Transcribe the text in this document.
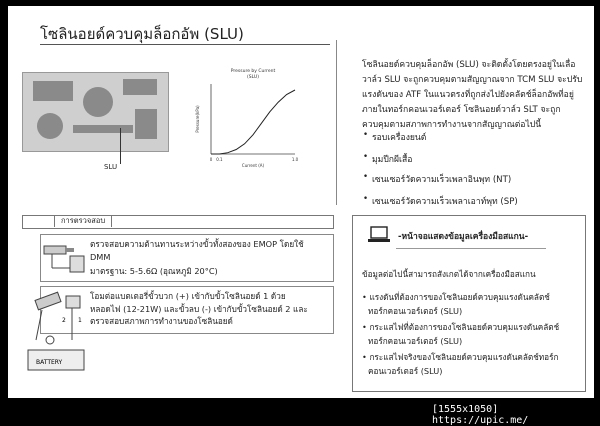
โซลินอยด์ควบคุมล็อกอัพ (SLU)
SLU
Pressure by Current
(SLU)
Pressure(kPa)
Current (A)
0 0.1	1.0
โซลินอยด์ควบคุมล็อกอัพ (SLU) จะติดตั้งโดยตรงอยู่ในเลื่อ
วาล์ว SLU จะถูกควบคุมตามสัญญาณจาก TCM SLU จะปรับ
แรงดันของ ATF ในแนวตรงที่ถูกส่งไปยังคลัตช์ล็อกอัพที่อยู่
ภายในทอร์กคอนเวอร์เตอร์ โซลินอยด์วาล์ว SLT จะถูก
ควบคุมตามสภาพการทำงานจากสัญญาณต่อไปนี้
• รอบเครื่องยนต์
• มุมปีกผีเสื้อ
• เซนเซอร์วัดความเร็วเพลาอินพุท (NT)
• เซนเซอร์วัดความเร็วเพลาเอาท์พุท (SP)
การตรวจสอบ
ตรวจสอบความต้านทานระหว่างขั้วทั้งสองของ EMOP โดยใช้
DMM
มาตรฐาน: 5-5.6Ω (อุณหภูมิ 20°C)
BATTERY
2 1
โอมต่อแบตเตอรี่ขั้วบวก (+) เข้ากับขั้วโซลินอยด์ 1 ด้วย
หลอดไฟ (12-21W) และขั้วลบ (-) เข้ากับขั้วโซลินอยด์ 2 และ
ตรวจสอบสภาพการทำงานของโซลินอยด์
-หน้าจอแสดงข้อมูลเครื่องมือสแกน-
ข้อมูลต่อไปนี้สามารถสังเกตได้จากเครื่องมือสแกน
• แรงดันที่ต้องการของโซลินอยด์ควบคุมแรงดันคลัตช์
ทอร์กคอนเวอร์เตอร์ (SLU)
• กระแสไฟที่ต้องการของโซลินอยด์ควบคุมแรงดันคลัตช์
ทอร์กคอนเวอร์เตอร์ (SLU)
• กระแสไฟจริงของโซลินอยด์ควบคุมแรงดันคลัตช์ทอร์ก
คอนเวอร์เตอร์ (SLU)
[1555x1050] https://upic.me/
